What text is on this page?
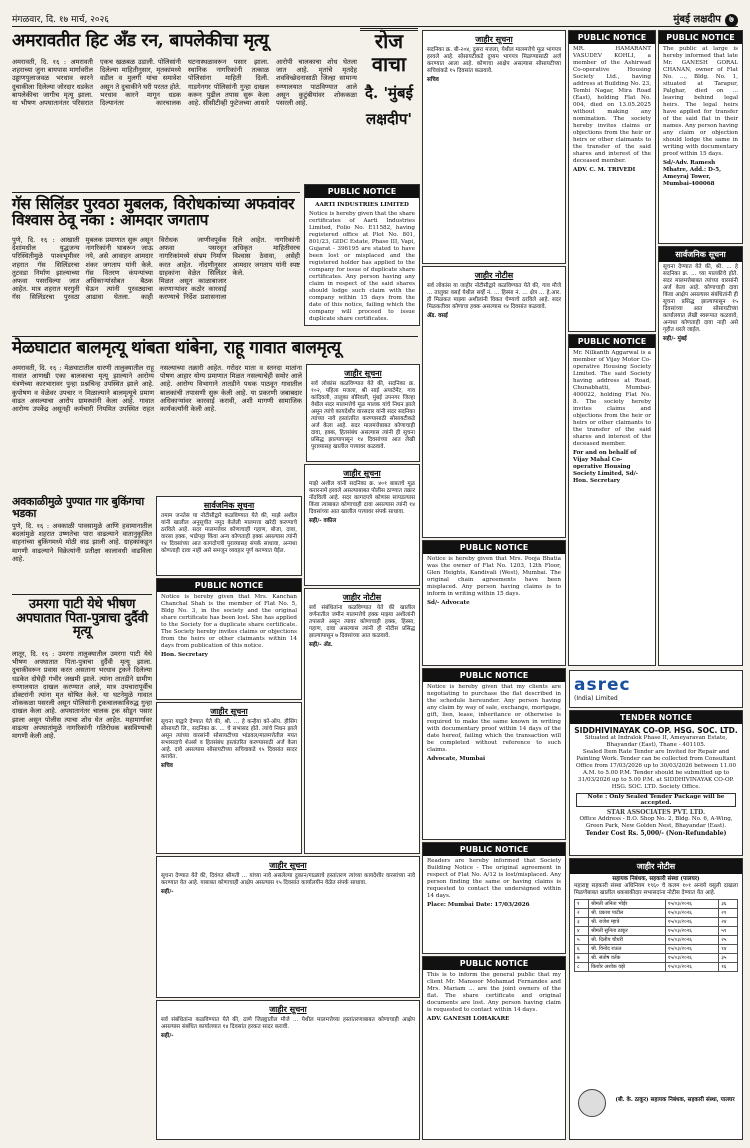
मंगळवार, दि. १७ मार्च, २०२६	मुंबई लक्षदीप ७
अमरावतीत हिट अँड रन, बापलेकीचा मृत्यू
अमरावती, दि. १६ : अमरावती शहराच्या जुना बायपास मार्गावरील उड्डाणपुलाजवळ भरधाव कारने दुचाकीला दिलेल्या जोरदार धडकेत बापलेकीचा जागीच मृत्यू झाला. या भीषण अपघातानंतर परिसरात एकच खळबळ उडाली. पोलिसांनी दिलेल्या माहितीनुसार, मृतकांमध्ये वडील व मुलगी यांचा समावेश असून ते दुचाकीने घरी परतत होते. भरधाव कारने मागून धडक दिल्यानंतर कारचालक घटनास्थळावरून पसार झाला. स्थानिक नागरिकांनी तत्काळ पोलिसांना माहिती दिली. गाडगेनगर पोलिसांनी गुन्हा दाखल करून पुढील तपास सुरू केला आहे. सीसीटीव्ही फुटेजच्या आधारे आरोपी चालकाचा शोध घेतला जात आहे. मृतांचे मृतदेह शवविच्छेदनासाठी जिल्हा सामान्य रुग्णालयात पाठविण्यात आले असून कुटुंबीयांवर शोककळा पसरली आहे.
रोज
वाचा
दै. 'मुंबई
लक्षदीप'
PUBLIC NOTICE
AARTI INDUSTRIES LIMITED
Notice is hereby given that the share certificates of Aarti Industries Limited, Folio No. E11582, having registered office at Plot No. 801, 801/23, GIDC Estate, Phase III, Vapi, Gujarat - 396195 are stated to have been lost or misplaced and the registered holder has applied to the company for issue of duplicate share certificates. Any person having any claim in respect of the said shares should lodge such claim with the company within 15 days from the date of this notice, failing which the company will proceed to issue duplicate share certificates.
गॅस सिलिंडर पुरवठा मुबलक, विरोधकांच्या अफवांवर विश्वास ठेवू नका : आमदार जगताप
पुणे, दि. १६ : आखाती देशांमधील युद्धजन्य परिस्थितीमुळे पाश्वभूमीवर शहरात गॅस सिलिंडरचा तुटवडा निर्माण झाल्याच्या अफवा पसरविल्या जात आहेत. मात्र शहरात घरगुती गॅस सिलिंडरचा पुरवठा मुबलक प्रमाणात सुरू असून नागरिकांनी घाबरून जाऊ नये, असे आवाहन आमदार शंकर जगताप यांनी केले. गॅस वितरण कंपन्यांच्या अधिकाऱ्यांसोबत बैठक घेऊन त्यांनी पुरवठ्याचा आढावा घेतला. काही विरोधक जाणीवपूर्वक अफवा पसरवून नागरिकांमध्ये संभ्रम निर्माण करत आहेत. नोंदणीनुसार ग्राहकांना वेळेत सिलिंडर मिळत असून काळाबाजार करणाऱ्यांवर कठोर कारवाई करण्याचे निर्देश प्रशासनाला दिले आहेत. नागरिकांनी अधिकृत माहितीवरच विश्वास ठेवावा, असेही आमदार जगताप यांनी स्पष्ट केले.
मेळघाटात बालमृत्यू थांबता थांबेना, राहू गावात बालमृत्यू
अमरावती, दि. १६ : मेळघाटातील धारणी तालुक्यातील राहू गावात आणखी एका बालकाचा मृत्यू झाल्याने आरोग्य यंत्रणेच्या कारभारावर पुन्हा प्रश्नचिन्ह उपस्थित झाले आहे. कुपोषण व वेळेवर उपचार न मिळाल्याने बालमृत्यूचे प्रमाण वाढत असल्याचा आरोप ग्रामस्थांनी केला आहे. गावात आरोग्य उपकेंद्र असूनही कर्मचारी नियमित उपस्थित राहत नसल्याच्या तक्रारी आहेत. गरोदर माता व स्तनदा मातांना पोषण आहार योग्य प्रमाणात मिळत नसल्याचेही समोर आले आहे. आरोग्य विभागाने तातडीने पथक पाठवून गावातील बालकांची तपासणी सुरू केली आहे. या प्रकरणी जबाबदार अधिकाऱ्यांवर कारवाई करावी, अशी मागणी सामाजिक कार्यकर्त्यांनी केली आहे.
जाहीर सूचना
सर्व लोकांस कळविण्यात येते की, सदनिका क्र. १०२, पहिला मजला, श्री साई अपार्टमेंट, गाव कांदिवली, तालुका बोरिवली, मुंबई उपनगर जिल्हा येथील सदर मालमत्तेचे मूळ मालक यांचे निधन झाले असून त्यांचे कायदेशीर वारसदार यांनी सदर सदनिका त्यांच्या नावे हस्तांतरित करण्यासाठी सोसायटीकडे अर्ज केला आहे. सदर मालमत्तेबाबत कोणाचाही दावा, हक्क, हितसंबंध असल्यास त्यांनी ही सूचना प्रसिद्ध झाल्यापासून १४ दिवसांच्या आत लेखी पुराव्यासह खालील पत्त्यावर कळवावे.
अवकाळीमुळे पुण्यात गार बुकिंगचा भडका
पुणे, दि. १६ : अवकाळी पावसामुळे आणि हवामानातील बदलांमुळे शहरात उष्णतेचा पारा वाढल्याने वातानुकूलित वाहनांच्या बुकिंगमध्ये मोठी वाढ झाली आहे. ग्राहकांकडून मागणी वाढल्याने विक्रेत्यांनी प्रतीक्षा कालावधी वाढविला आहे.
उमरगा पाटी येथे भीषण अपघातात पिता-पुत्राचा दुर्दैवी मृत्यू
लातूर, दि. १६ : उमरगा तालुक्यातील उमरगा पाटी येथे भीषण अपघातात पिता-पुत्राचा दुर्दैवी मृत्यू झाला. दुचाकीवरून प्रवास करत असताना भरधाव ट्रकने दिलेल्या धडकेत दोघेही गंभीर जखमी झाले. त्यांना तातडीने ग्रामीण रुग्णालयात दाखल करण्यात आले, मात्र उपचारापूर्वीच डॉक्टरांनी त्यांना मृत घोषित केले. या घटनेमुळे गावात शोककळा पसरली असून पोलिसांनी ट्रकचालकाविरुद्ध गुन्हा दाखल केला आहे. अपघातानंतर चालक ट्रक सोडून पसार झाला असून पोलीस त्याचा शोध घेत आहेत. महामार्गावर वाढत्या अपघातांमुळे नागरिकांनी गतिरोधक बसविण्याची मागणी केली आहे.
सार्वजनिक सूचना
तमाम जनतेस या नोटीसीद्वारे कळविण्यात येते की, माझे अशील यांनी खालील अनुसूचीत नमूद केलेली मालमत्ता खरेदी करण्याचे ठरविले आहे. सदर मालमत्तेवर कोणाचाही गहाण, बोजा, दावा, वारसा हक्क, भाडेपट्टा किंवा अन्य कोणताही हक्क असल्यास त्यांनी १४ दिवसांच्या आत कागदोपत्री पुराव्यासह संपर्क साधावा, अन्यथा कोणताही दावा नाही असे समजून व्यवहार पूर्ण करण्यात येईल.
PUBLIC NOTICE
Notice is hereby given that Mrs. Kanchan Chanchal Shah is the member of Flat No. 5, Bldg No. 3, in the society and the original share certificate has been lost. She has applied to the Society for a duplicate share certificate. The Society hereby invites claims or objections from the heirs or other claimants within 14 days from publication of this notice.
Hon. Secretary
जाहीर सूचना
सूचना याद्वारे देण्यात येते की, श्री. ... हे कन्हैया को-ऑप. हौसिंग सोसायटी लि., सदनिका क्र. ... चे सभासद होते. त्यांचे निधन झाले असून त्यांच्या वारसांनी सोसायटीच्या भांडवल/मालमत्तेतील मयत सभासदाचे शेअर्स व हितसंबंध हस्तांतरित करण्यासाठी अर्ज केला आहे. दावे असल्यास सोसायटीच्या सचिवाकडे १५ दिवसांत सादर करावेत.
सचिव
जाहीर सूचना
सूचना देण्यात येते की, दिवंगत श्रीमती ... यांच्या नावे असलेल्या दुकान/गाळ्याचे हस्तांतरण त्यांच्या कायदेशीर वारसांच्या नावे करण्यात येत आहे. याबाबत कोणाचाही आक्षेप असल्यास १५ दिवसांत कार्यालयीन वेळेत संपर्क साधावा.
सही/-
जाहीर सूचना
सर्व संबंधितांना कळविण्यात येते की, ठाणे जिल्ह्यातील मौजे ... येथील मालमत्तेच्या हस्तांतरणाबाबत कोणाचाही आक्षेप असल्यास संबंधित कार्यालयात १४ दिवसांत हरकत सादर करावी.
सही/-
जाहीर सूचना
माझे अशील यांनी सदनिका क्र. ४०१ बाबतचे मूळ करारनामे हरवले असल्याबाबत पोलीस ठाण्यात तक्रार नोंदविली आहे. सदर कागदपत्रे कोणास सापडल्यास किंवा त्याबाबत कोणाचाही दावा असल्यास त्यांनी १४ दिवसांच्या आत खालील पत्त्यावर संपर्क साधावा.
सही/- वकील
जाहीर नोटीस
सर्व संबंधितांना कळविण्यात येते की खालील वर्णनातील जमीन मालमत्तेचे हक्क माझ्या अशीलांनी तपासले असून त्यावर कोणाचाही हक्क, हिस्सा, गहाण, दावा असल्यास त्यांनी ही नोटीस प्रसिद्ध झाल्यापासून ७ दिवसांच्या आत कळवावे.
सही/- ॲड.
जाहीर सूचना
सदनिका क्र. बी-२०४, दुसरा मजला, येथील मालमत्तेचे मूळ भागपत्र हरवले आहे. सोसायटीकडे दुय्यम भागपत्र मिळण्यासाठी अर्ज करण्यात आला आहे. कोणाचा आक्षेप असल्यास सोसायटीच्या सचिवांकडे १५ दिवसांत कळवावे.
सचिव
जाहीर नोटीस
सर्व लोकांस या जाहीर नोटीसीद्वारे कळविण्यात येते की, गाव मौजे ... तालुका वसई येथील सर्व्हे नं. ... हिस्सा नं. ... क्षेत्र ... हे.आर. ही मिळकत माझ्या अशीलांनी विकत घेण्याचे ठरविले आहे. सदर मिळकतीवर कोणाचा हक्क असल्यास १४ दिवसांत कळवावे.
ॲड. वसई
PUBLIC NOTICE
Notice is hereby given that Mrs. Pooja Bhatia was the owner of Flat No. 1203, 12th Floor, Glen Heights, Kandivali (West), Mumbai. The original chain agreements have been misplaced. Any person having claims is to inform in writing within 15 days.
Sd/- Advocate
PUBLIC NOTICE
Notice is hereby given that my clients are negotiating to purchase the flat described in the schedule hereunder. Any person having any claim by way of sale, exchange, mortgage, gift, lien, lease, inheritance or otherwise is required to make the same known in writing with documentary proof within 14 days of the date hereof, failing which the transaction will be completed without reference to such claims.
Advocate, Mumbai
PUBLIC NOTICE
Readers are hereby informed that Society Building Notice - The original agreement in respect of Flat No. A/12 is lost/misplaced. Any person finding the same or having claims is requested to contact the undersigned within 14 days.
Place: Mumbai Date: 17/03/2026
PUBLIC NOTICE
This is to inform the general public that my client Mr. Mansoor Mohamad Fernandes and Mrs. Mariam ... are the joint owners of the flat. The share certificate and original documents are lost. Any person having claim is requested to contact within 14 days.
ADV. GANESH LOHAKARE
PUBLIC NOTICE
MR. HAMARANT VASUDEV KOHLI, a member of the Ashirwad Co-operative Housing Society Ltd., having address at Building No. 23, Tembi Nagar, Mira Road (East), holding Flat No. 004, died on 13.05.2025 without making any nomination. The society hereby invites claims or objections from the heir or heirs or other claimants to the transfer of the said shares and interest of the deceased member.
ADV. C. M. TRIVEDI
PUBLIC NOTICE
Mr. Nilkanth Aggarwal is a member of Vijay Motor Co-operative Housing Society Limited. The said Society having address at Road, Chunabhatti, Mumbai-400022, holding Flat No. 8. The society hereby invites claims and objections from the heir or heirs or other claimants to the transfer of the said shares and interest of the deceased member.
For and on behalf of Vijay Mahal Co-operative Housing Society Limited, Sd/- Hon. Secretary
PUBLIC NOTICE
The public at large is hereby informed that late Mr. GANESH GORAL CHANAN, owner of Flat No. ..., Bldg. No. 1, situated at Tarapur, Palghar, died on ... leaving behind legal heirs. The legal heirs have applied for transfer of the said flat in their names. Any person having any claim or objection should lodge the same in writing with documentary proof within 15 days.
Sd/-Adv. Ramesh Mhatre, Add.: D-5, Ameyraj Tower, Mumbai-400068
सार्वजनिक सूचना
सूचना देण्यात येते की, श्री. ... हे सदनिका क्र. ... च्या मालकीचे होते. सदर मालमत्तेबाबत त्यांच्या वारसांनी अर्ज केला आहे. कोणाचाही दावा किंवा आक्षेप असल्यास संबंधितांनी ही सूचना प्रसिद्ध झाल्यापासून १५ दिवसांच्या आत सोसायटीच्या कार्यालयात लेखी स्वरूपात कळवावे, अन्यथा कोणताही दावा नाही असे गृहीत धरले जाईल.
सही/- मुंबई
asrec
(India) Limited
TENDER NOTICE
SIDDHIVINAYAK CO-OP. HSG. SOC. LTD.
Situated at Indralok Phase II, Ameyaravan Estate, Bhayandar (East), Thane - 401105.
Sealed Item Rate Tender are Invited for Repair and Painting Work. Tender can be collected from Consultant Office from 17/03/2026 up to 30/03/2026 between 11.00 A.M. to 5.00 P.M. Tender should be submitted up to 31/03/2026 up to 5.00 P.M. at SIDDHIVINAYAK CO-OP. HSG. SOC. LTD. Society Office.
Note : Only Sealed Tender Package will be accepted.
STAR ASSOCIATES PVT. LTD.
Office Address - B.O. Shop No. 2, Bldg. No. 6, A-Wing, Green Park, New Golden Nest, Bhayandar (East).
Tender Cost Rs. 5,000/- (Non-Refundable)
जाहीर नोटीस
सहायक निबंधक, सहकारी संस्था (पालघर)
महाराष्ट्र सहकारी संस्था अधिनियम १९६० चे कलम १०१ अन्वये वसुली दाखला मिळणेबाबत खालील थकबाकीदार सभासदांना नोटीस देण्यात येत आहे.
१	श्रीमती अनिता भोईर	१५/०३/२०२६	३६
२	श्री. प्रकाश पाटील	१५/०३/२०२६	२१
३	श्री. राजेश म्हात्रे	१५/०३/२०२६	२४
४	श्रीमती सुनिता ठाकूर	१५/०३/२०२६	५१
५	श्री. दिलीप चौधरी	१५/०३/२०२६	२५
६	श्री. विनोद राऊत	१५/०३/२०२६	१४
७	श्री. संतोष वर्तक	१५/०३/२०२६	३५
८	किशोर अशोक वझे	१५/०३/२०२६	१६
(बी. के. ठाकूर) सहायक निबंधक, सहकारी संस्था, पालघर
